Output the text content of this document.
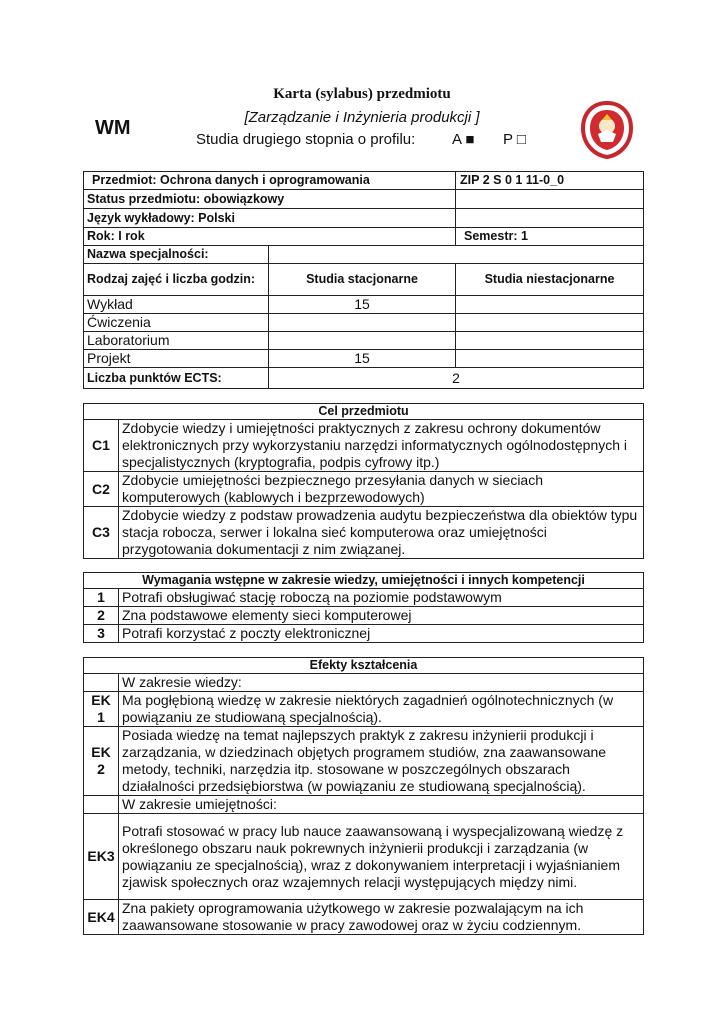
WM
Karta (sylabus) przedmiotu
[Zarządzanie i Inżynieria produkcji ]
Studia drugiego stopnia o profilu: A ■ P □
Przedmiot: Ochrona danych i oprogramowania		ZIP 2 S 0 1 11-0_0
Status przedmiotu: obowiązkowy		
Język wykładowy: Polski		
Rok: I rok		Semestr: 1
Nazwa specjalności:		
Rodzaj zajęć i liczba godzin:	Studia stacjonarne	Studia niestacjonarne
Wykład	15	
Ćwiczenia		
Laboratorium		
Projekt	15	
Liczba punktów ECTS:	2	
Cel przedmiotu	
C1	Zdobycie wiedzy i umiejętności praktycznych z zakresu ochrony dokumentów elektronicznych przy wykorzystaniu narzędzi informatycznych ogólnodostępnych i specjalistycznych (kryptografia, podpis cyfrowy itp.)
C2	Zdobycie umiejętności bezpiecznego przesyłania danych w sieciach komputerowych (kablowych i bezprzewodowych)
C3	Zdobycie wiedzy z podstaw prowadzenia audytu bezpieczeństwa dla obiektów typu stacja robocza, serwer i lokalna sieć komputerowa oraz umiejętności przygotowania dokumentacji z nim związanej.
Wymagania wstępne w zakresie wiedzy, umiejętności i innych kompetencji	
1	Potrafi obsługiwać stację roboczą na poziomie podstawowym
2	Zna podstawowe elementy sieci komputerowej
3	Potrafi korzystać z poczty elektronicznej
Efekty kształcenia	
	W zakresie wiedzy:
EK 1	Ma pogłębioną wiedzę w zakresie niektórych zagadnień ogólnotechnicznych (w powiązaniu ze studiowaną specjalnością).
EK 2	Posiada wiedzę na temat najlepszych praktyk z zakresu inżynierii produkcji i zarządzania, w dziedzinach objętych programem studiów, zna zaawansowane metody, techniki, narzędzia itp. stosowane w poszczególnych obszarach działalności przedsiębiorstwa (w powiązaniu ze studiowaną specjalnością).
	W zakresie umiejętności:
EK3	Potrafi stosować w pracy lub nauce zaawansowaną i wyspecjalizowaną wiedzę z określonego obszaru nauk pokrewnych inżynierii produkcji i zarządzania (w powiązaniu ze specjalnością), wraz z dokonywaniem interpretacji i wyjaśnianiem zjawisk społecznych oraz wzajemnych relacji występujących między nimi.
EK4	Zna pakiety oprogramowania użytkowego w zakresie pozwalającym na ich zaawansowane stosowanie w pracy zawodowej oraz w życiu codziennym.
